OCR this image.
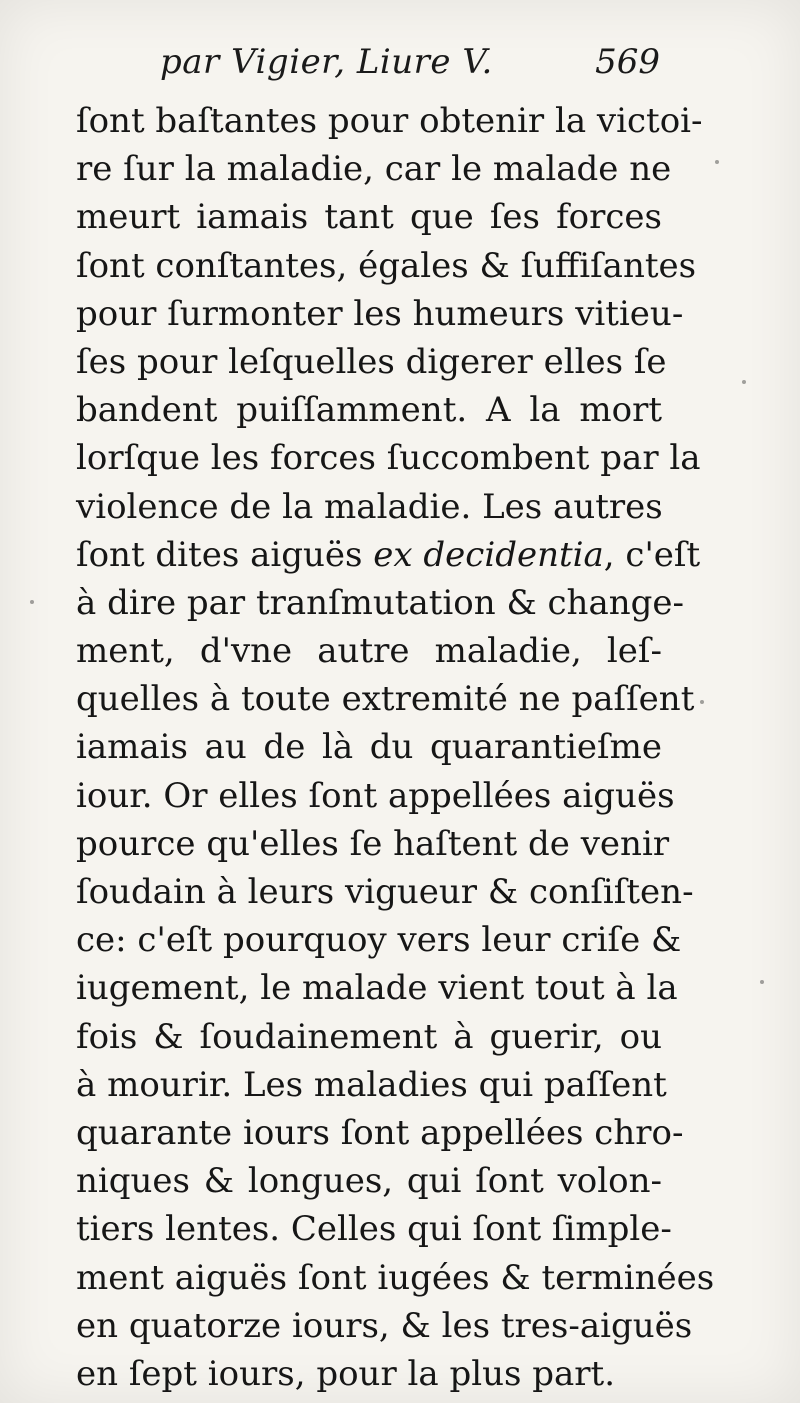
par Vigier, Liure V.	569
ſont baſtantes pour obtenir la victoi-
re ſur la maladie, car le malade ne
meurt iamais tant que ſes forces
ſont conſtantes, égales & ſuffiſantes
pour ſurmonter les humeurs vitieu-
ſes pour leſquelles digerer elles ſe
bandent puiſſamment. A la mort
lorſque les forces ſuccombent par la
violence de la maladie. Les autres
ſont dites aiguës ex decidentia, c'eſt
à dire par tranſmutation & change-
ment, d'vne autre maladie, leſ-
quelles à toute extremité ne paſſent
iamais au de là du quarantieſme
iour. Or elles ſont appellées aiguës
pource qu'elles ſe haſtent de venir
ſoudain à leurs vigueur & conſiſten-
ce: c'eſt pourquoy vers leur criſe &
iugement, le malade vient tout à la
fois & ſoudainement à guerir, ou
à mourir. Les maladies qui paſſent
quarante iours ſont appellées chro-
niques & longues, qui ſont volon-
tiers lentes. Celles qui ſont ſimple-
ment aiguës ſont iugées & terminées
en quatorze iours, & les tres-aiguës
en ſept iours, pour la plus part.
